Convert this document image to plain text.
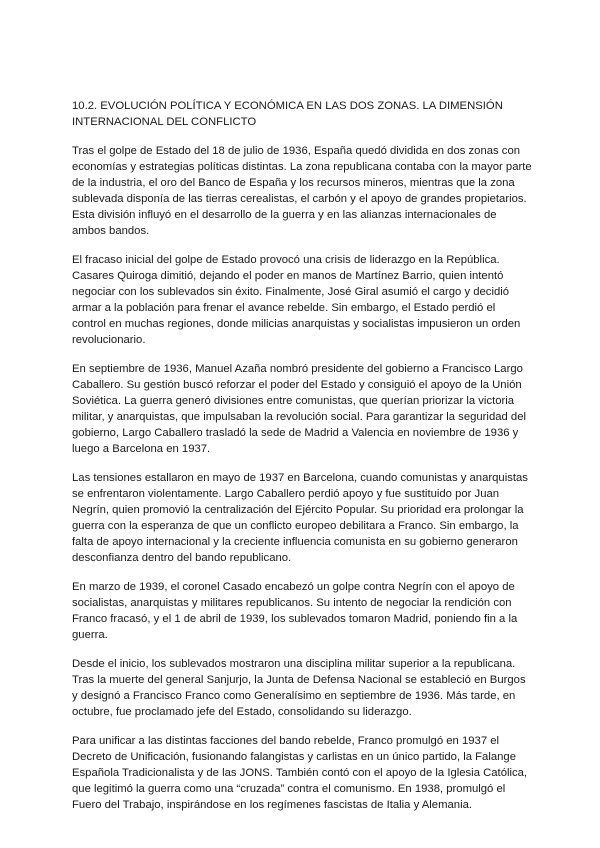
10.2. EVOLUCIÓN POLÍTICA Y ECONÓMICA EN LAS DOS ZONAS. LA DIMENSIÓN INTERNACIONAL DEL CONFLICTO

Tras el golpe de Estado del 18 de julio de 1936, España quedó dividida en dos zonas con economías y estrategias políticas distintas. La zona republicana contaba con la mayor parte de la industria, el oro del Banco de España y los recursos mineros, mientras que la zona sublevada disponía de las tierras cerealistas, el carbón y el apoyo de grandes propietarios. Esta división influyó en el desarrollo de la guerra y en las alianzas internacionales de ambos bandos.

El fracaso inicial del golpe de Estado provocó una crisis de liderazgo en la República. Casares Quiroga dimitió, dejando el poder en manos de Martínez Barrio, quien intentó negociar con los sublevados sin éxito. Finalmente, José Giral asumió el cargo y decidió armar a la población para frenar el avance rebelde. Sin embargo, el Estado perdió el control en muchas regiones, donde milicias anarquistas y socialistas impusieron un orden revolucionario.

En septiembre de 1936, Manuel Azaña nombró presidente del gobierno a Francisco Largo Caballero. Su gestión buscó reforzar el poder del Estado y consiguió el apoyo de la Unión Soviética. La guerra generó divisiones entre comunistas, que querían priorizar la victoria militar, y anarquistas, que impulsaban la revolución social. Para garantizar la seguridad del gobierno, Largo Caballero trasladó la sede de Madrid a Valencia en noviembre de 1936 y luego a Barcelona en 1937.

Las tensiones estallaron en mayo de 1937 en Barcelona, cuando comunistas y anarquistas se enfrentaron violentamente. Largo Caballero perdió apoyo y fue sustituido por Juan Negrín, quien promovió la centralización del Ejército Popular. Su prioridad era prolongar la guerra con la esperanza de que un conflicto europeo debilitara a Franco. Sin embargo, la falta de apoyo internacional y la creciente influencia comunista en su gobierno generaron desconfianza dentro del bando republicano.

En marzo de 1939, el coronel Casado encabezó un golpe contra Negrín con el apoyo de socialistas, anarquistas y militares republicanos. Su intento de negociar la rendición con Franco fracasó, y el 1 de abril de 1939, los sublevados tomaron Madrid, poniendo fin a la guerra.

Desde el inicio, los sublevados mostraron una disciplina militar superior a la republicana. Tras la muerte del general Sanjurjo, la Junta de Defensa Nacional se estableció en Burgos y designó a Francisco Franco como Generalísimo en septiembre de 1936. Más tarde, en octubre, fue proclamado jefe del Estado, consolidando su liderazgo.

Para unificar a las distintas facciones del bando rebelde, Franco promulgó en 1937 el Decreto de Unificación, fusionando falangistas y carlistas en un único partido, la Falange Española Tradicionalista y de las JONS. También contó con el apoyo de la Iglesia Católica, que legitimó la guerra como una “cruzada” contra el comunismo. En 1938, promulgó el Fuero del Trabajo, inspirándose en los regímenes fascistas de Italia y Alemania.
